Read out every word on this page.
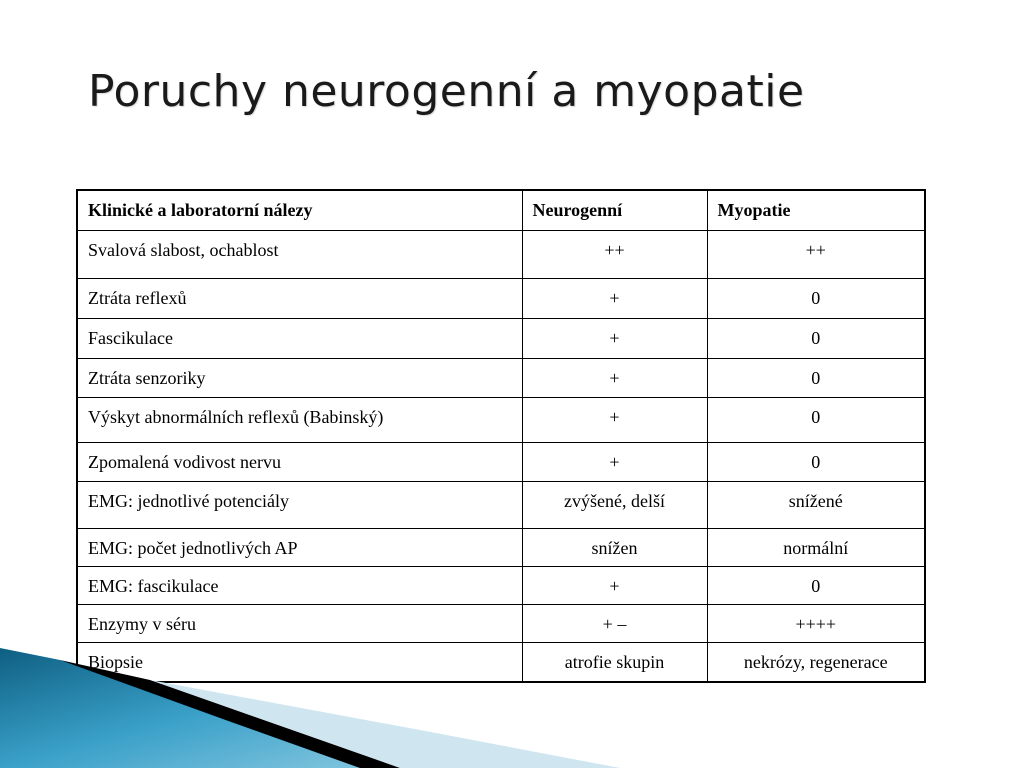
Poruchy neurogenní a myopatie
Klinické a laboratorní nálezy	Neurogenní	Myopatie
Svalová slabost, ochablost	++	++
Ztráta reflexů	+	0
Fascikulace	+	0
Ztráta senzoriky	+	0
Výskyt abnormálních reflexů (Babinský)	+	0
Zpomalená vodivost nervu	+	0
EMG: jednotlivé potenciály	zvýšené, delší	snížené
EMG: počet jednotlivých AP	snížen	normální
EMG: fascikulace	+	0
Enzymy v séru	+ –	++++
Biopsie	atrofie skupin	nekrózy, regenerace
